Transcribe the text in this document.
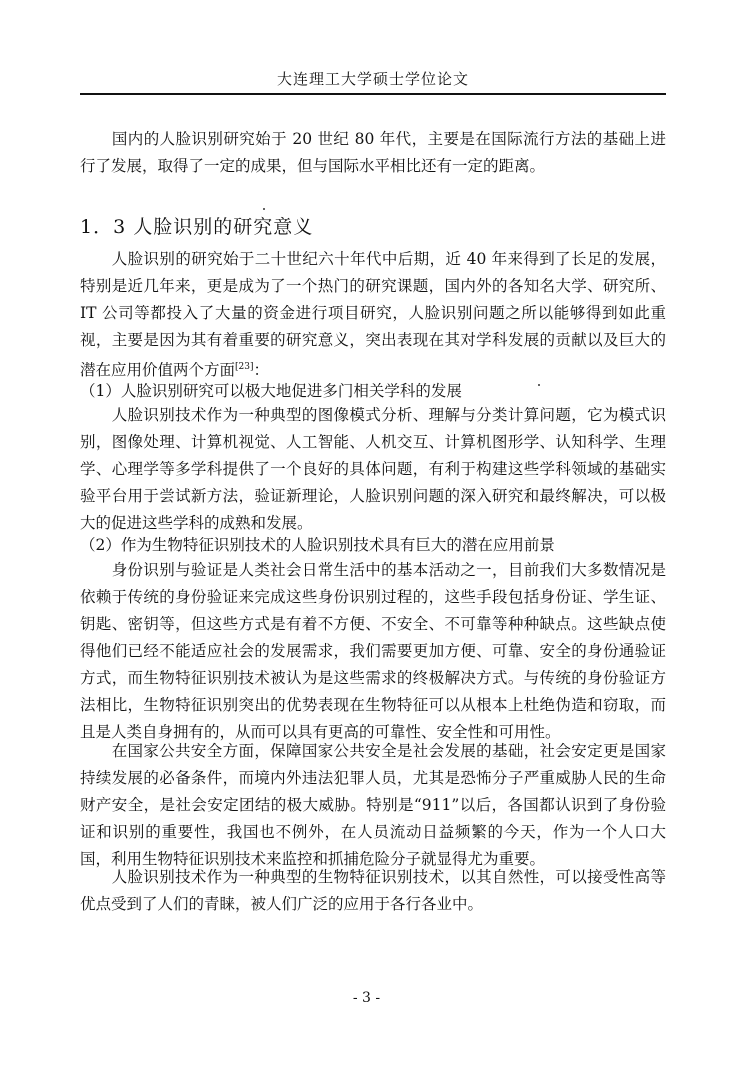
大连理工大学硕士学位论文
　　国内的人脸识别研究始于 20 世纪 80 年代，主要是在国际流行方法的基础上进行了发展，取得了一定的成果，但与国际水平相比还有一定的距离。
1．3 人脸识别的研究意义
　　人脸识别的研究始于二十世纪六十年代中后期，近 40 年来得到了长足的发展，特别是近几年来，更是成为了一个热门的研究课题，国内外的各知名大学、研究所、IT 公司等都投入了大量的资金进行项目研究，人脸识别问题之所以能够得到如此重视，主要是因为其有着重要的研究意义，突出表现在其对学科发展的贡献以及巨大的潜在应用价值两个方面[23]：
（1）人脸识别研究可以极大地促进多门相关学科的发展
　　人脸识别技术作为一种典型的图像模式分析、理解与分类计算问题，它为模式识别，图像处理、计算机视觉、人工智能、人机交互、计算机图形学、认知科学、生理学、心理学等多学科提供了一个良好的具体问题，有利于构建这些学科领域的基础实验平台用于尝试新方法，验证新理论，人脸识别问题的深入研究和最终解决，可以极大的促进这些学科的成熟和发展。
（2）作为生物特征识别技术的人脸识别技术具有巨大的潜在应用前景
　　身份识别与验证是人类社会日常生活中的基本活动之一，目前我们大多数情况是依赖于传统的身份验证来完成这些身份识别过程的，这些手段包括身份证、学生证、钥匙、密钥等，但这些方式是有着不方便、不安全、不可靠等种种缺点。这些缺点使得他们已经不能适应社会的发展需求，我们需要更加方便、可靠、安全的身份通验证方式，而生物特征识别技术被认为是这些需求的终极解决方式。与传统的身份验证方法相比，生物特征识别突出的优势表现在生物特征可以从根本上杜绝伪造和窃取，而且是人类自身拥有的，从而可以具有更高的可靠性、安全性和可用性。
　　在国家公共安全方面，保障国家公共安全是社会发展的基础，社会安定更是国家持续发展的必备条件，而境内外违法犯罪人员，尤其是恐怖分子严重威胁人民的生命财产安全，是社会安定团结的极大威胁。特别是“911”以后，各国都认识到了身份验证和识别的重要性，我国也不例外，在人员流动日益频繁的今天，作为一个人口大国，利用生物特征识别技术来监控和抓捕危险分子就显得尤为重要。
　　人脸识别技术作为一种典型的生物特征识别技术，以其自然性，可以接受性高等优点受到了人们的青睐，被人们广泛的应用于各行各业中。
- 3 -
